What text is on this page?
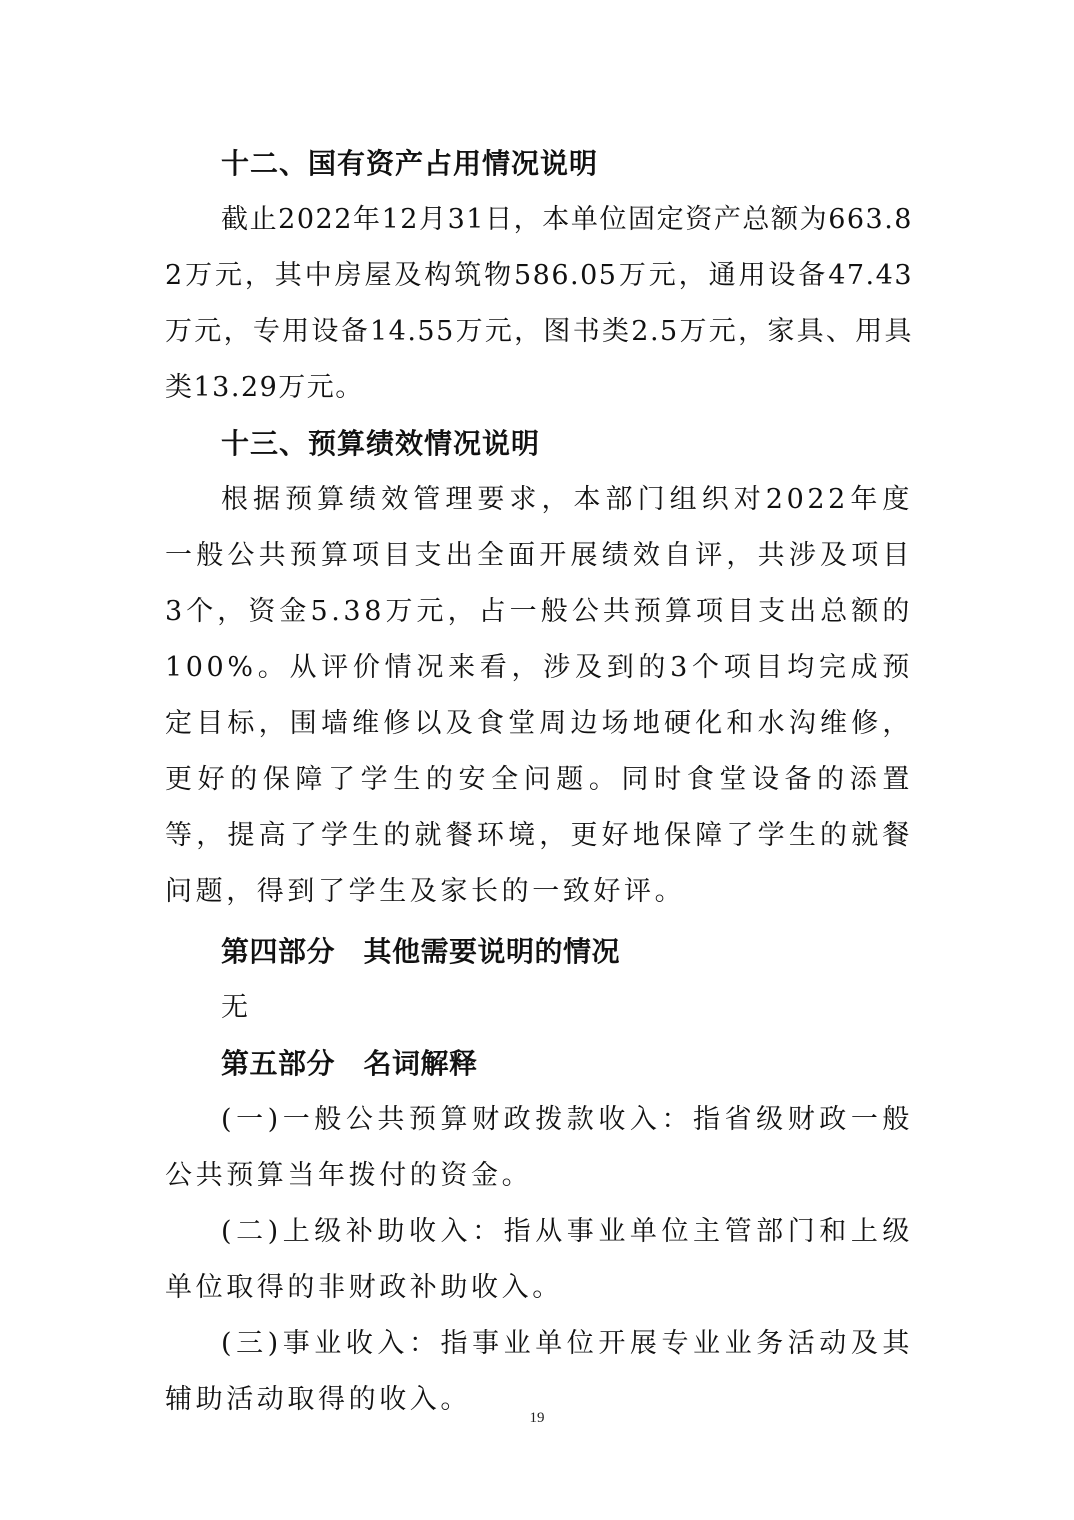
十二、国有资产占用情况说明

截止2022年12月31日，本单位固定资产总额为663.82万元，其中房屋及构筑物586.05万元，通用设备47.43万元，专用设备14.55万元，图书类2.5万元，家具、用具类13.29万元。

十三、预算绩效情况说明

根据预算绩效管理要求，本部门组织对2022年度一般公共预算项目支出全面开展绩效自评，共涉及项目3个，资金5.38万元，占一般公共预算项目支出总额的100%。从评价情况来看，涉及到的3个项目均完成预定目标，围墙维修以及食堂周边场地硬化和水沟维修，更好的保障了学生的安全问题。同时食堂设备的添置等，提高了学生的就餐环境，更好地保障了学生的就餐问题，得到了学生及家长的一致好评。

第四部分　其他需要说明的情况

无

第五部分　名词解释

(一)一般公共预算财政拨款收入：指省级财政一般公共预算当年拨付的资金。

(二)上级补助收入：指从事业单位主管部门和上级单位取得的非财政补助收入。

(三)事业收入：指事业单位开展专业业务活动及其辅助活动取得的收入。

19
